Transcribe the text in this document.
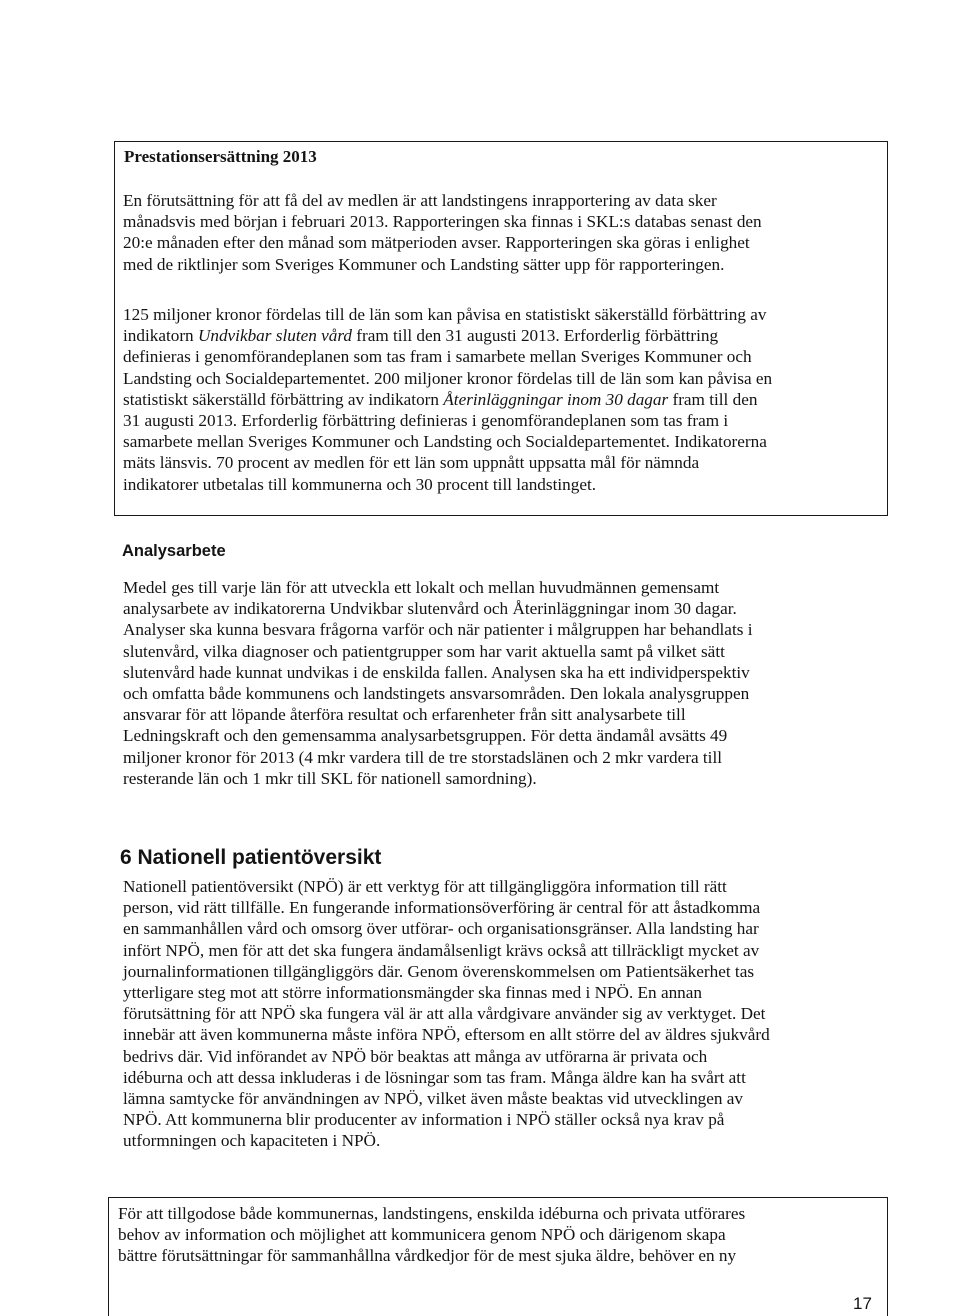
Prestationsersättning 2013
En förutsättning för att få del av medlen är att landstingens inrapportering av data sker
månadsvis med början i februari 2013. Rapporteringen ska finnas i SKL:s databas senast den
20:e månaden efter den månad som mätperioden avser. Rapporteringen ska göras i enlighet
med de riktlinjer som Sveriges Kommuner och Landsting sätter upp för rapporteringen.
125 miljoner kronor fördelas till de län som kan påvisa en statistiskt säkerställd förbättring av
indikatorn Undvikbar sluten vård fram till den 31 augusti 2013. Erforderlig förbättring
definieras i genomförandeplanen som tas fram i samarbete mellan Sveriges Kommuner och
Landsting och Socialdepartementet. 200 miljoner kronor fördelas till de län som kan påvisa en
statistiskt säkerställd förbättring av indikatorn Återinläggningar inom 30 dagar fram till den
31 augusti 2013. Erforderlig förbättring definieras i genomförandeplanen som tas fram i
samarbete mellan Sveriges Kommuner och Landsting och Socialdepartementet. Indikatorerna
mäts länsvis. 70 procent av medlen för ett län som uppnått uppsatta mål för nämnda
indikatorer utbetalas till kommunerna och 30 procent till landstinget.
Analysarbete
Medel ges till varje län för att utveckla ett lokalt och mellan huvudmännen gemensamt
analysarbete av indikatorerna Undvikbar slutenvård och Återinläggningar inom 30 dagar.
Analyser ska kunna besvara frågorna varför och när patienter i målgruppen har behandlats i
slutenvård, vilka diagnoser och patientgrupper som har varit aktuella samt på vilket sätt
slutenvård hade kunnat undvikas i de enskilda fallen. Analysen ska ha ett individperspektiv
och omfatta både kommunens och landstingets ansvarsområden. Den lokala analysgruppen
ansvarar för att löpande återföra resultat och erfarenheter från sitt analysarbete till
Ledningskraft och den gemensamma analysarbetsgruppen. För detta ändamål avsätts 49
miljoner kronor för 2013 (4 mkr vardera till de tre storstadslänen och 2 mkr vardera till
resterande län och 1 mkr till SKL för nationell samordning).
6 Nationell patientöversikt
Nationell patientöversikt (NPÖ) är ett verktyg för att tillgängliggöra information till rätt
person, vid rätt tillfälle. En fungerande informationsöverföring är central för att åstadkomma
en sammanhållen vård och omsorg över utförar- och organisationsgränser. Alla landsting har
infört NPÖ, men för att det ska fungera ändamålsenligt krävs också att tillräckligt mycket av
journalinformationen tillgängliggörs där. Genom överenskommelsen om Patientsäkerhet tas
ytterligare steg mot att större informationsmängder ska finnas med i NPÖ. En annan
förutsättning för att NPÖ ska fungera väl är att alla vårdgivare använder sig av verktyget. Det
innebär att även kommunerna måste införa NPÖ, eftersom en allt större del av äldres sjukvård
bedrivs där. Vid införandet av NPÖ bör beaktas att många av utförarna är privata och
idéburna och att dessa inkluderas i de lösningar som tas fram. Många äldre kan ha svårt att
lämna samtycke för användningen av NPÖ, vilket även måste beaktas vid utvecklingen av
NPÖ. Att kommunerna blir producenter av information i NPÖ ställer också nya krav på
utformningen och kapaciteten i NPÖ.
För att tillgodose både kommunernas, landstingens, enskilda idéburna och privata utförares
behov av information och möjlighet att kommunicera genom NPÖ och därigenom skapa
bättre förutsättningar för sammanhållna vårdkedjor för de mest sjuka äldre, behöver en ny
17
